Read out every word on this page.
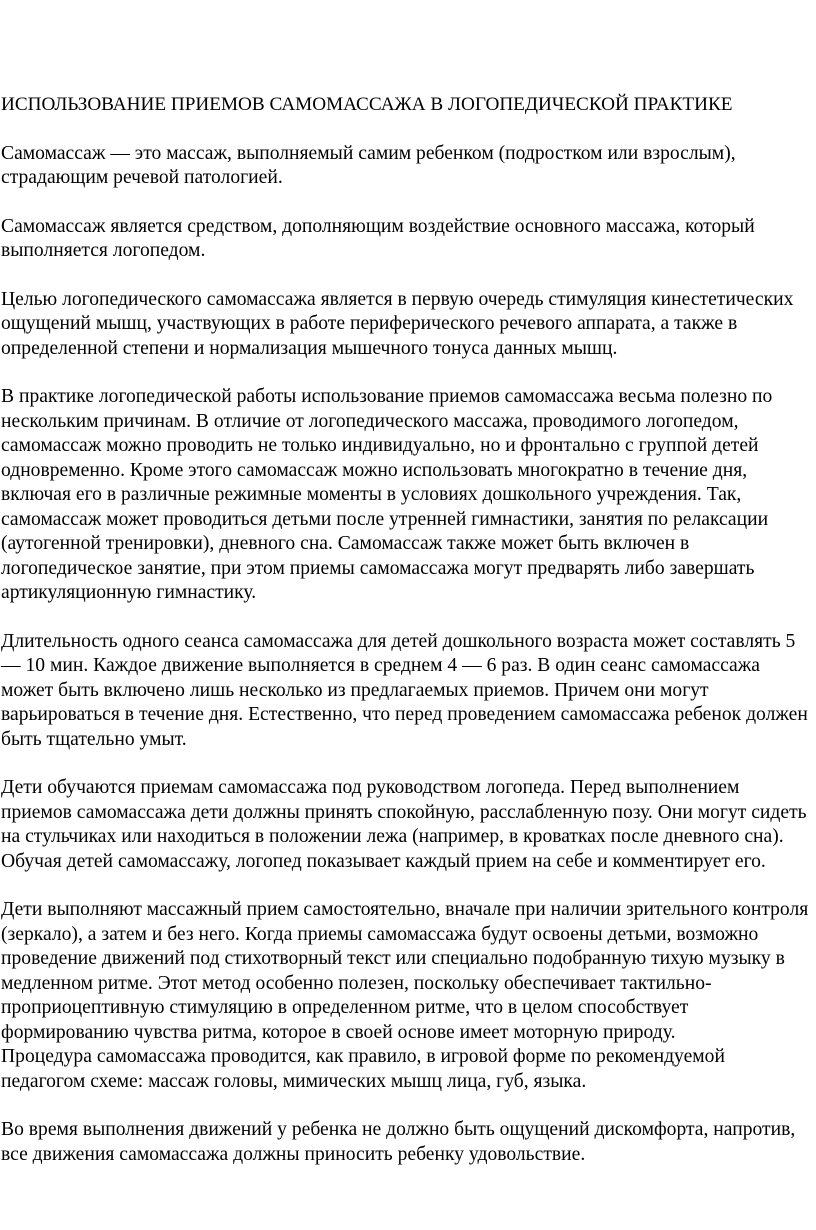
ИСПОЛЬЗОВАНИЕ ПРИЕМОВ САМОМАССАЖА В ЛОГОПЕДИЧЕСКОЙ ПРАКТИКЕ

Самомассаж — это массаж, выполняемый самим ребенком (подростком или взрослым), страдающим речевой патологией.

Самомассаж является средством, дополняющим воздействие основного массажа, который выполняется логопедом.

Целью логопедического самомассажа является в первую очередь стимуляция кинестетических ощущений мышц, участвующих в работе периферического речевого аппарата, а также в определенной степени и нормализация мышечного тонуса данных мышц.

В практике логопедической работы использование приемов самомассажа весьма полезно по нескольким причинам. В отличие от логопедического массажа, проводимого логопедом, самомассаж можно проводить не только индивидуально, но и фронтально с группой детей одновременно. Кроме этого самомассаж можно использовать многократно в течение дня, включая его в различные режимные моменты в условиях дошкольного учреждения. Так, самомассаж может проводиться детьми после утренней гимнастики, занятия по релаксации (аутогенной тренировки), дневного сна. Самомассаж также может быть включен в логопедическое занятие, при этом приемы самомассажа могут предварять либо завершать артикуляционную гимнастику.

Длительность одного сеанса самомассажа для детей дошкольного возраста может составлять 5 — 10 мин. Каждое движение выполняется в среднем 4 — 6 раз. В один сеанс самомассажа может быть включено лишь несколько из предлагаемых приемов. Причем они могут варьироваться в течение дня. Естественно, что перед проведением самомассажа ребенок должен быть тщательно умыт.

Дети обучаются приемам самомассажа под руководством логопеда. Перед выполнением приемов самомассажа дети должны принять спокойную, расслабленную позу. Они могут сидеть на стульчиках или находиться в положении лежа (например, в кроватках после дневного сна). Обучая детей самомассажу, логопед показывает каждый прием на себе и комментирует его.

Дети выполняют массажный прием самостоятельно, вначале при наличии зрительного контроля (зеркало), а затем и без него. Когда приемы самомассажа будут освоены детьми, возможно проведение движений под стихотворный текст или специально подобранную тихую музыку в медленном ритме. Этот метод особенно полезен, поскольку обеспечивает тактильно-проприоцептивную стимуляцию в определенном ритме, что в целом способствует формированию чувства ритма, которое в своей основе имеет моторную природу.

Процедура самомассажа проводится, как правило, в игровой форме по рекомендуемой педагогом схеме: массаж головы, мимических мышц лица, губ, языка.

Во время выполнения движений у ребенка не должно быть ощущений дискомфорта, напротив, все движения самомассажа должны приносить ребенку удовольствие.
